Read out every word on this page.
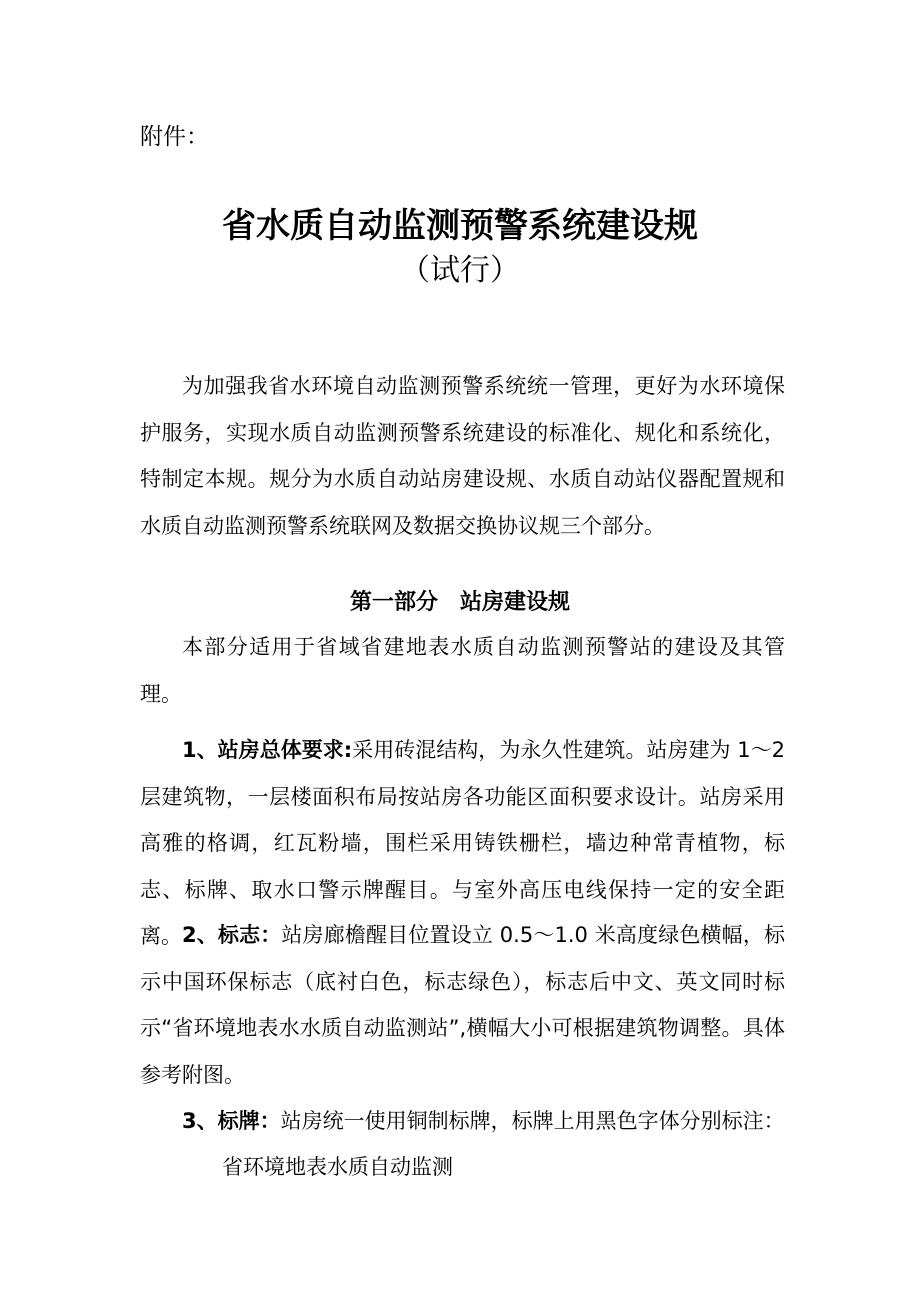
附件：
省水质自动监测预警系统建设规
（试行）

为加强我省水环境自动监测预警系统统一管理，更好为水环境保护服务，实现水质自动监测预警系统建设的标准化、规化和系统化，特制定本规。规分为水质自动站房建设规、水质自动站仪器配置规和水质自动监测预警系统联网及数据交换协议规三个部分。

第一部分　站房建设规

本部分适用于省域省建地表水质自动监测预警站的建设及其管理。

1、站房总体要求:采用砖混结构，为永久性建筑。站房建为 1～2 层建筑物，一层楼面积布局按站房各功能区面积要求设计。站房采用高雅的格调，红瓦粉墙，围栏采用铸铁栅栏，墙边种常青植物，标志、标牌、取水口警示牌醒目。与室外高压电线保持一定的安全距离。 2、标志：站房廊檐醒目位置设立 0.5～1.0 米高度绿色横幅，标示中国环保标志（底衬白色，标志绿色），标志后中文、英文同时标示“省环境地表水水质自动监测站”,横幅大小可根据建筑物调整。具体参考附图。

3、标牌：站房统一使用铜制标牌，标牌上用黑色字体分别标注：

省环境地表水质自动监测
